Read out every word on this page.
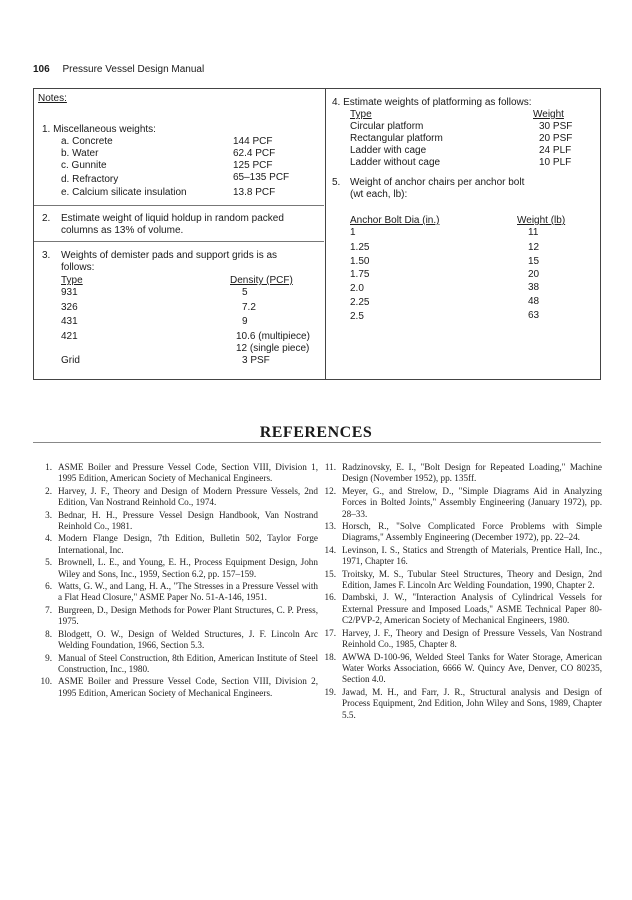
106 Pressure Vessel Design Manual
Notes:
1. Miscellaneous weights:
a. Concrete	144 PCF
b. Water	62.4 PCF
c. Gunnite	125 PCF
d. Refractory	65–135 PCF
e. Calcium silicate insulation	13.8 PCF
2. Estimate weight of liquid holdup in random packed
columns as 13% of volume.
3. Weights of demister pads and support grids is as
follows:
Type	Density (PCF)
931	5
326	7.2
431	9
421	10.6 (multipiece)
12 (single piece)
Grid	3 PSF
4. Estimate weights of platforming as follows:
Type	Weight
Circular platform	30 PSF
Rectangular platform	20 PSF
Ladder with cage	24 PLF
Ladder without cage	10 PLF
5. Weight of anchor chairs per anchor bolt
(wt each, lb):
Anchor Bolt Dia (in.)	Weight (lb)
1	11
1.25	12
1.50	15
1.75	20
2.0	38
2.25	48
2.5	63
REFERENCES
1. ASME Boiler and Pressure Vessel Code, Section VIII, Division 1, 1995 Edition, American Society of Mechanical Engineers.
2. Harvey, J. F., Theory and Design of Modern Pressure Vessels, 2nd Edition, Van Nostrand Reinhold Co., 1974.
3. Bednar, H. H., Pressure Vessel Design Handbook, Van Nostrand Reinhold Co., 1981.
4. Modern Flange Design, 7th Edition, Bulletin 502, Taylor Forge International, Inc.
5. Brownell, L. E., and Young, E. H., Process Equipment Design, John Wiley and Sons, Inc., 1959, Section 6.2, pp. 157–159.
6. Watts, G. W., and Lang, H. A., "The Stresses in a Pressure Vessel with a Flat Head Closure," ASME Paper No. 51-A-146, 1951.
7. Burgreen, D., Design Methods for Power Plant Structures, C. P. Press, 1975.
8. Blodgett, O. W., Design of Welded Structures, J. F. Lincoln Arc Welding Foundation, 1966, Section 5.3.
9. Manual of Steel Construction, 8th Edition, American Institute of Steel Construction, Inc., 1980.
10. ASME Boiler and Pressure Vessel Code, Section VIII, Division 2, 1995 Edition, American Society of Mechanical Engineers.
11. Radzinovsky, E. I., "Bolt Design for Repeated Loading," Machine Design (November 1952), pp. 135ff.
12. Meyer, G., and Strelow, D., "Simple Diagrams Aid in Analyzing Forces in Bolted Joints," Assembly Engineering (January 1972), pp. 28–33.
13. Horsch, R., "Solve Complicated Force Problems with Simple Diagrams," Assembly Engineering (December 1972), pp. 22–24.
14. Levinson, I. S., Statics and Strength of Materials, Prentice Hall, Inc., 1971, Chapter 16.
15. Troitsky, M. S., Tubular Steel Structures, Theory and Design, 2nd Edition, James F. Lincoln Arc Welding Foundation, 1990, Chapter 2.
16. Dambski, J. W., "Interaction Analysis of Cylindrical Vessels for External Pressure and Imposed Loads," ASME Technical Paper 80-C2/PVP-2, American Society of Mechanical Engineers, 1980.
17. Harvey, J. F., Theory and Design of Pressure Vessels, Van Nostrand Reinhold Co., 1985, Chapter 8.
18. AWWA D-100-96, Welded Steel Tanks for Water Storage, American Water Works Association, 6666 W. Quincy Ave, Denver, CO 80235, Section 4.0.
19. Jawad, M. H., and Farr, J. R., Structural analysis and Design of Process Equipment, 2nd Edition, John Wiley and Sons, 1989, Chapter 5.5.
